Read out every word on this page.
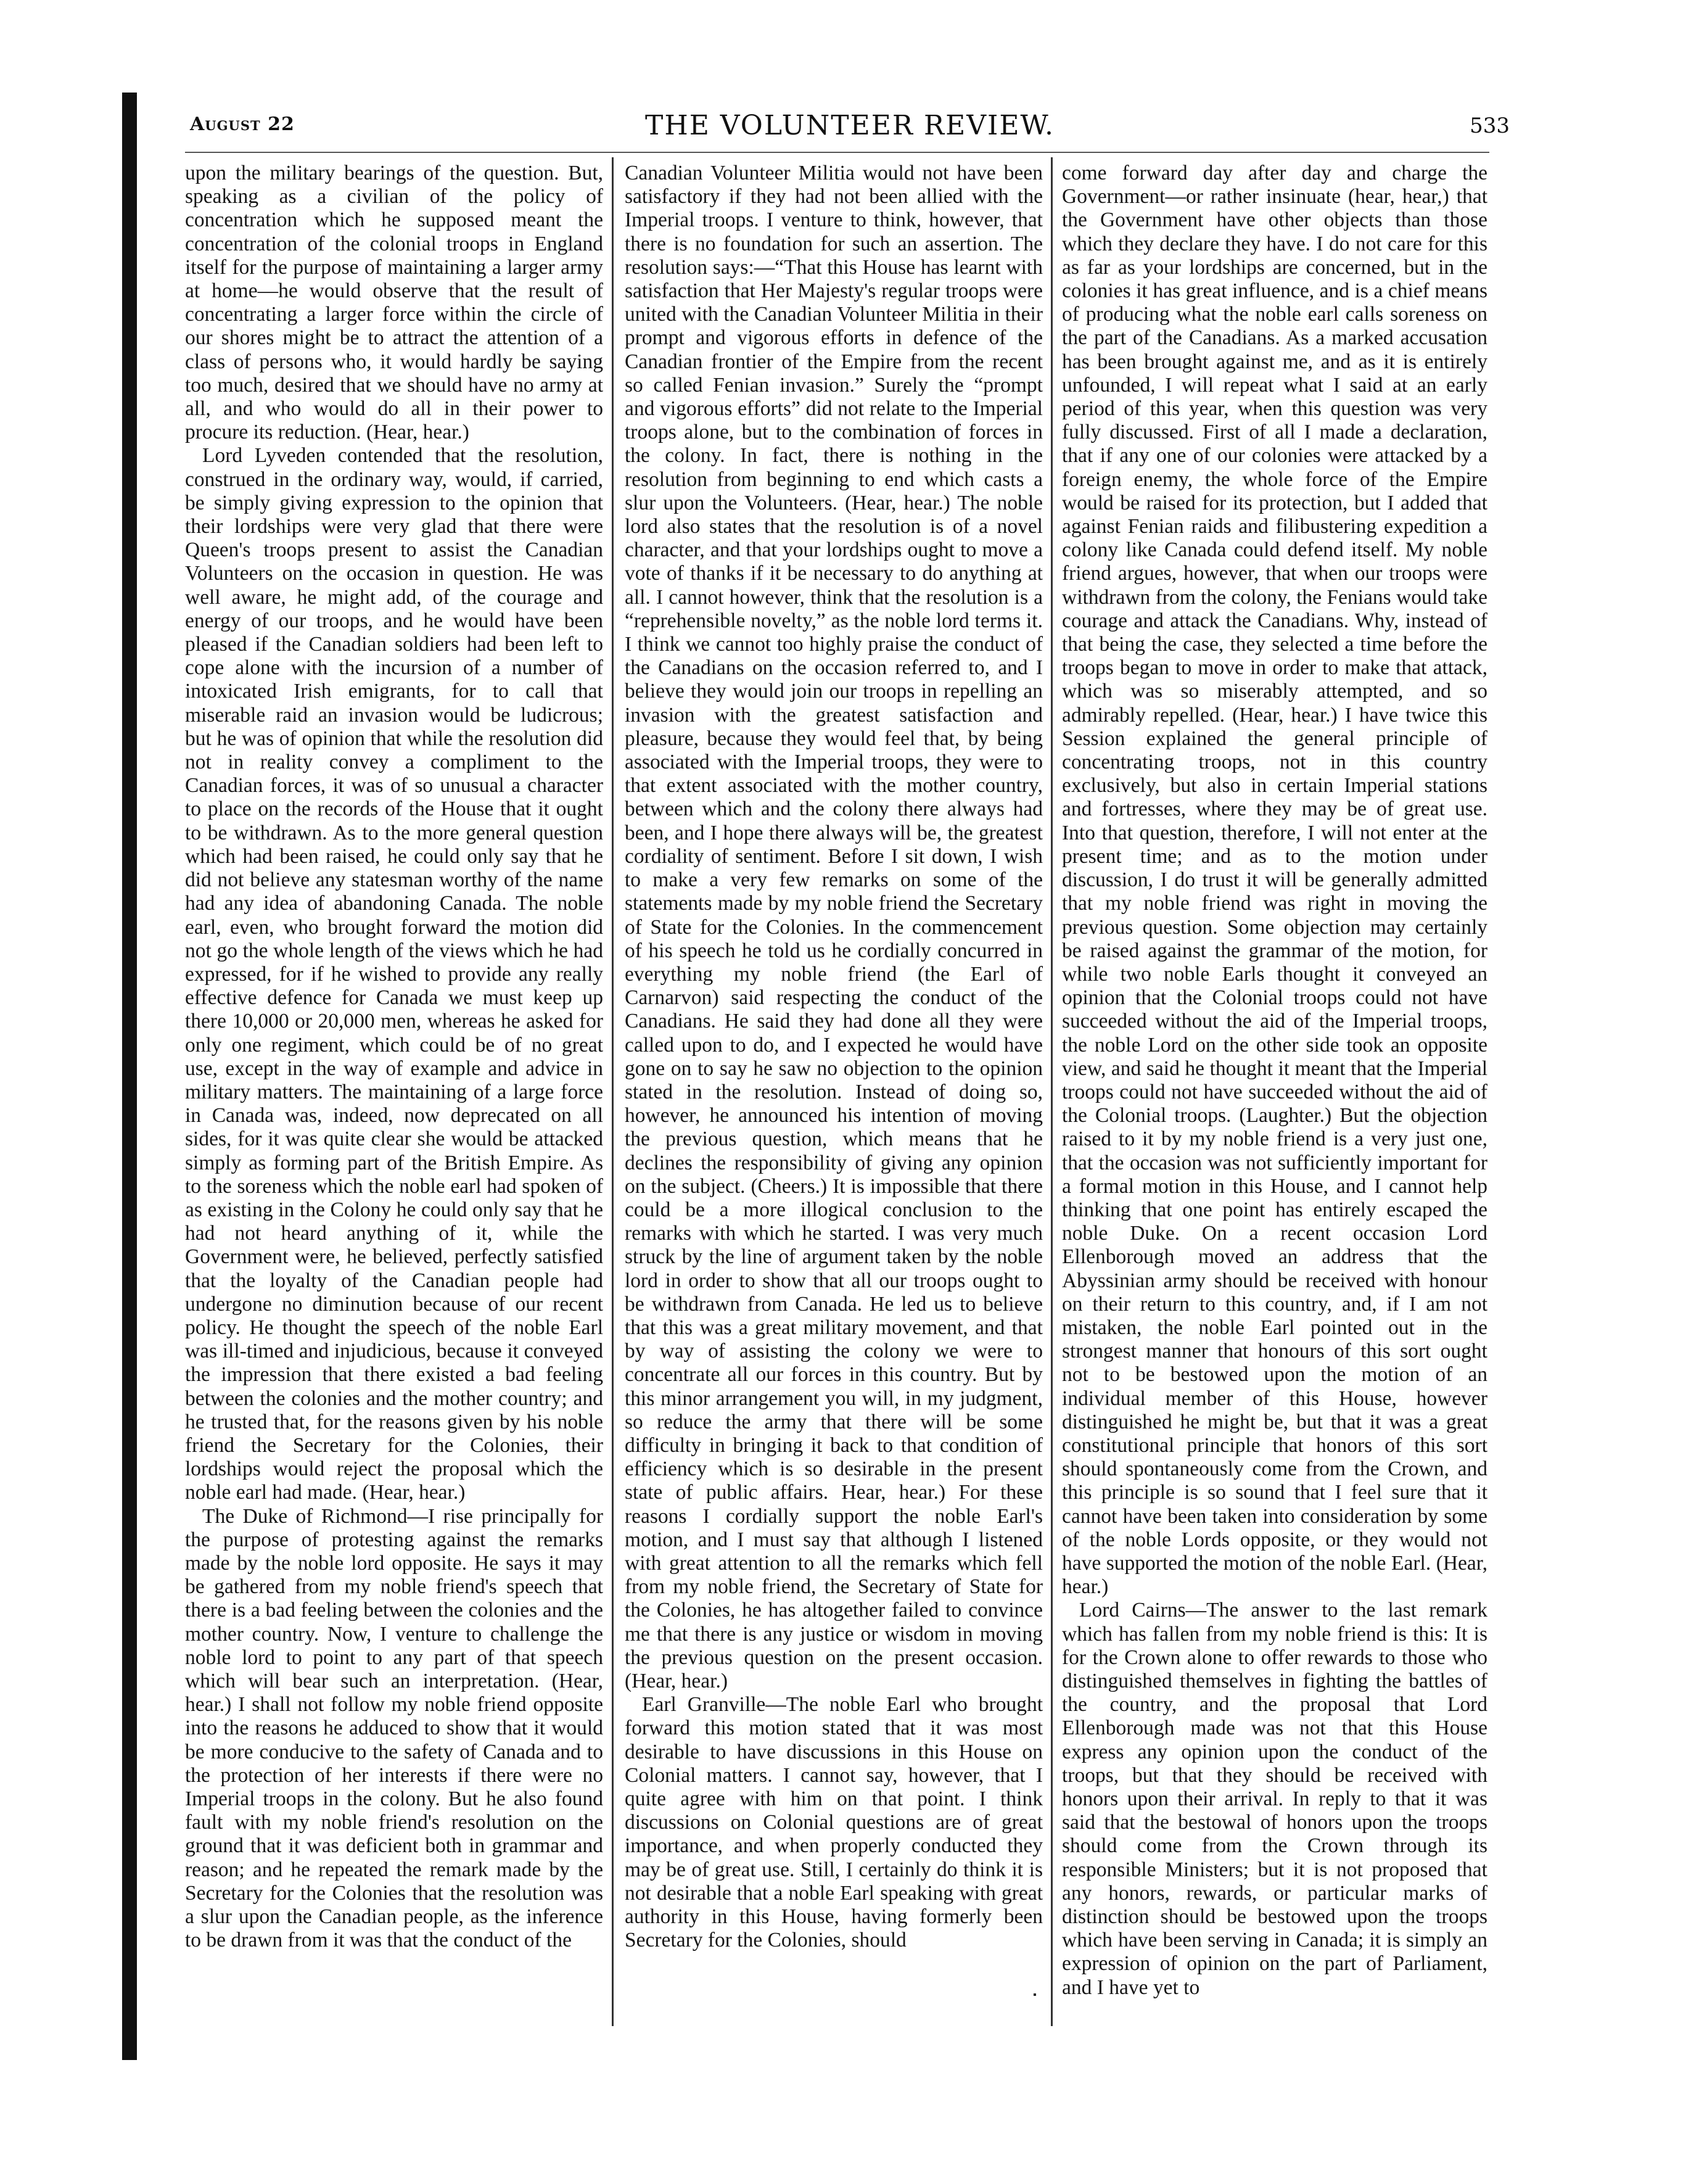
August 22	THE VOLUNTEER REVIEW.	533

upon the military bearings of the question. But, speaking as a civilian of the policy of concentration which he supposed meant the concentration of the colonial troops in England itself for the purpose of maintaining a larger army at home—he would observe that the result of concentrating a larger force within the circle of our shores might be to attract the attention of a class of persons who, it would hardly be saying too much, desired that we should have no army at all, and who would do all in their power to procure its reduction. (Hear, hear.)

Lord Lyveden contended that the resolution, construed in the ordinary way, would, if carried, be simply giving expression to the opinion that their lordships were very glad that there were Queen's troops present to assist the Canadian Volunteers on the occasion in question. He was well aware, he might add, of the courage and energy of our troops, and he would have been pleased if the Canadian soldiers had been left to cope alone with the incursion of a number of intoxicated Irish emigrants, for to call that miserable raid an invasion would be ludicrous; but he was of opinion that while the resolution did not in reality convey a compliment to the Canadian forces, it was of so unusual a character to place on the records of the House that it ought to be withdrawn. As to the more general question which had been raised, he could only say that he did not believe any statesman worthy of the name had any idea of abandoning Canada. The noble earl, even, who brought forward the motion did not go the whole length of the views which he had expressed, for if he wished to provide any really effective defence for Canada we must keep up there 10,000 or 20,000 men, whereas he asked for only one regiment, which could be of no great use, except in the way of example and advice in military matters. The maintaining of a large force in Canada was, indeed, now deprecated on all sides, for it was quite clear she would be attacked simply as forming part of the British Empire. As to the soreness which the noble earl had spoken of as existing in the Colony he could only say that he had not heard anything of it, while the Government were, he believed, perfectly satisfied that the loyalty of the Canadian people had undergone no diminution because of our recent policy. He thought the speech of the noble Earl was ill-timed and injudicious, because it conveyed the impression that there existed a bad feeling between the colonies and the mother country; and he trusted that, for the reasons given by his noble friend the Secretary for the Colonies, their lordships would reject the proposal which the noble earl had made. (Hear, hear.)

The Duke of Richmond—I rise principally for the purpose of protesting against the remarks made by the noble lord opposite. He says it may be gathered from my noble friend's speech that there is a bad feeling between the colonies and the mother country. Now, I venture to challenge the noble lord to point to any part of that speech which will bear such an interpretation. (Hear, hear.) I shall not follow my noble friend opposite into the reasons he adduced to show that it would be more conducive to the safety of Canada and to the protection of her interests if there were no Imperial troops in the colony. But he also found fault with my noble friend's resolution on the ground that it was deficient both in grammar and reason; and he repeated the remark made by the Secretary for the Colonies that the resolution was a slur upon the Canadian people, as the inference to be drawn from it was that the conduct of the

Canadian Volunteer Militia would not have been satisfactory if they had not been allied with the Imperial troops. I venture to think, however, that there is no foundation for such an assertion. The resolution says:—“That this House has learnt with satisfaction that Her Majesty's regular troops were united with the Canadian Volunteer Militia in their prompt and vigorous efforts in defence of the Canadian frontier of the Empire from the recent so called Fenian invasion.” Surely the “prompt and vigorous efforts” did not relate to the Imperial troops alone, but to the combination of forces in the colony. In fact, there is nothing in the resolution from beginning to end which casts a slur upon the Volunteers. (Hear, hear.) The noble lord also states that the resolution is of a novel character, and that your lordships ought to move a vote of thanks if it be necessary to do anything at all. I cannot however, think that the resolution is a “reprehensible novelty,” as the noble lord terms it. I think we cannot too highly praise the conduct of the Canadians on the occasion referred to, and I believe they would join our troops in repelling an invasion with the greatest satisfaction and pleasure, because they would feel that, by being associated with the Imperial troops, they were to that extent associated with the mother country, between which and the colony there always had been, and I hope there always will be, the greatest cordiality of sentiment. Before I sit down, I wish to make a very few remarks on some of the statements made by my noble friend the Secretary of State for the Colonies. In the commencement of his speech he told us he cordially concurred in everything my noble friend (the Earl of Carnarvon) said respecting the conduct of the Canadians. He said they had done all they were called upon to do, and I expected he would have gone on to say he saw no objection to the opinion stated in the resolution. Instead of doing so, however, he announced his intention of moving the previous question, which means that he declines the responsibility of giving any opinion on the subject. (Cheers.) It is impossible that there could be a more illogical conclusion to the remarks with which he started. I was very much struck by the line of argument taken by the noble lord in order to show that all our troops ought to be withdrawn from Canada. He led us to believe that this was a great military movement, and that by way of assisting the colony we were to concentrate all our forces in this country. But by this minor arrangement you will, in my judgment, so reduce the army that there will be some difficulty in bringing it back to that condition of efficiency which is so desirable in the present state of public affairs. Hear, hear.) For these reasons I cordially support the noble Earl's motion, and I must say that although I listened with great attention to all the remarks which fell from my noble friend, the Secretary of State for the Colonies, he has altogether failed to convince me that there is any justice or wisdom in moving the previous question on the present occasion. (Hear, hear.)

Earl Granville—The noble Earl who brought forward this motion stated that it was most desirable to have discussions in this House on Colonial matters. I cannot say, however, that I quite agree with him on that point. I think discussions on Colonial questions are of great importance, and when properly conducted they may be of great use. Still, I certainly do think it is not desirable that a noble Earl speaking with great authority in this House, having formerly been Secretary for the Colonies, should

come forward day after day and charge the Government—or rather insinuate (hear, hear,) that the Government have other objects than those which they declare they have. I do not care for this as far as your lordships are concerned, but in the colonies it has great influence, and is a chief means of producing what the noble earl calls soreness on the part of the Canadians. As a marked accusation has been brought against me, and as it is entirely unfounded, I will repeat what I said at an early period of this year, when this question was very fully discussed. First of all I made a declaration, that if any one of our colonies were attacked by a foreign enemy, the whole force of the Empire would be raised for its protection, but I added that against Fenian raids and filibustering expedition a colony like Canada could defend itself. My noble friend argues, however, that when our troops were withdrawn from the colony, the Fenians would take courage and attack the Canadians. Why, instead of that being the case, they selected a time before the troops began to move in order to make that attack, which was so miserably attempted, and so admirably repelled. (Hear, hear.) I have twice this Session explained the general principle of concentrating troops, not in this country exclusively, but also in certain Imperial stations and fortresses, where they may be of great use. Into that question, therefore, I will not enter at the present time; and as to the motion under discussion, I do trust it will be generally admitted that my noble friend was right in moving the previous question. Some objection may certainly be raised against the grammar of the motion, for while two noble Earls thought it conveyed an opinion that the Colonial troops could not have succeeded without the aid of the Imperial troops, the noble Lord on the other side took an opposite view, and said he thought it meant that the Imperial troops could not have succeeded without the aid of the Colonial troops. (Laughter.) But the objection raised to it by my noble friend is a very just one, that the occasion was not sufficiently important for a formal motion in this House, and I cannot help thinking that one point has entirely escaped the noble Duke. On a recent occasion Lord Ellenborough moved an address that the Abyssinian army should be received with honour on their return to this country, and, if I am not mistaken, the noble Earl pointed out in the strongest manner that honours of this sort ought not to be bestowed upon the motion of an individual member of this House, however distinguished he might be, but that it was a great constitutional principle that honors of this sort should spontaneously come from the Crown, and this principle is so sound that I feel sure that it cannot have been taken into consideration by some of the noble Lords opposite, or they would not have supported the motion of the noble Earl. (Hear, hear.)

Lord Cairns—The answer to the last remark which has fallen from my noble friend is this: It is for the Crown alone to offer rewards to those who distinguished themselves in fighting the battles of the country, and the proposal that Lord Ellenborough made was not that this House express any opinion upon the conduct of the troops, but that they should be received with honors upon their arrival. In reply to that it was said that the bestowal of honors upon the troops should come from the Crown through its responsible Ministers; but it is not proposed that any honors, rewards, or particular marks of distinction should be bestowed upon the troops which have been serving in Canada; it is simply an expression of opinion on the part of Parliament, and I have yet to
